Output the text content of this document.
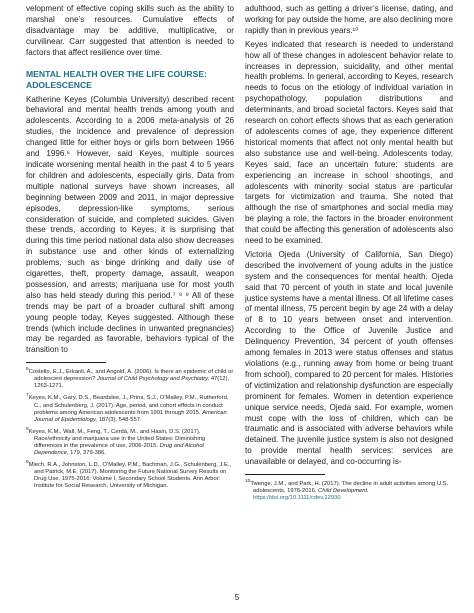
velopment of effective coping skills such as the ability to marshal one’s resources. Cumulative effects of disadvantage may be additive, multiplicative, or curvilinear. Carr suggested that attention is needed to factors that affect resilience over time.

MENTAL HEALTH OVER THE LIFE COURSE: ADOLESCENCE

Katherine Keyes (Columbia University) described recent behavioral and mental health trends among youth and adolescents. According to a 2006 meta-analysis of 26 studies, the incidence and prevalence of depression changed little for either boys or girls born between 1966 and 1996.⁶ However, said Keyes, multiple sources indicate worsening mental health in the past 4 to 5 years for children and adolescents, especially girls. Data from multiple national surveys have shown increases, all beginning between 2009 and 2011, in major depressive episodes, depression-like symptoms, serious consideration of suicide, and completed suicides. Given these trends, according to Keyes, it is surprising that during this time period national data also show decreases in substance use and other kinds of externalizing problems, such as binge drinking and daily use of cigarettes, theft, property damage, assault, weapon possession, and arrests; marijuana use for most youth also has held steady during this period.⁷ ⁸ ⁹ All of these trends may be part of a broader cultural shift among young people today, Keyes suggested. Although these trends (which include declines in unwanted pregnancies) may be regarded as favorable, behaviors typical of the transition to

$^6$Costello, E.J., Erkanli, A., and Angold, A. (2006). Is there an epidemic of child or adolescent depression? Journal of Child Psychology and Psychiatry, 47(12), 1263-1271.

$^7$Keyes, K.M., Gary, D.S., Beardslee, J., Prins, S.J., O’Malley, P.M., Rutherford, C., and Schulenberg, J. (2017). Age, period, and cohort effects in conduct problems among American adolescents from 1991 through 2015. American Journal of Epidemiology, 187(3), 548-557.

$^8$Keyes, K.M., Wall, M., Feng, T., Cerdá, M., and Hasin, D.S. (2017). Race/ethnicity and marijuana use in the United States: Diminishing differences in the prevalence of use, 2006-2015. Drug and Alcohol Dependence, 179, 379-386.

$^9$Miech, R.A., Johnston, L.D., O’Malley, P.M., Bachman, J.G., Schulenberg, J.E., and Patrick, M.E. (2017). Monitoring the Future National Survey Results on Drug Use, 1975-2016: Volume I, Secondary School Students. Ann Arbor: Institute for Social Research, University of Michigan.

adulthood, such as getting a driver’s license, dating, and working for pay outside the home, are also declining more rapidly than in previous years.¹⁰

Keyes indicated that research is needed to understand how all of these changes in adolescent behavior relate to increases in depression, suicidality, and other mental health problems. In general, according to Keyes, research needs to focus on the etiology of individual variation in psychopathology, population distributions and determinants, and broad societal factors. Keyes said that research on cohort effects shows that as each generation of adolescents comes of age, they experience different historical moments that affect not only mental health but also substance use and well-being. Adolescents today, Keyes said, face an uncertain future: students are experiencing an increase in school shootings, and adolescents with minority social status are particular targets for victimization and trauma. She noted that although the rise of smartphones and social media may be playing a role, the factors in the broader environment that could be affecting this generation of adolescents also need to be examined.

Victoria Ojeda (University of California, San Diego) described the involvement of young adults in the justice system and the consequences for mental health. Ojeda said that 70 percent of youth in state and local juvenile justice systems have a mental illness. Of all lifetime cases of mental illness, 75 percent begin by age 24 with a delay of 8 to 10 years between onset and intervention. According to the Office of Juvenile Justice and Delinquency Prevention, 34 percent of youth offenses among females in 2013 were status offenses and status violations (e.g., running away from home or being truant from school), compared to 20 percent for males. Histories of victimization and relationship dysfunction are especially prominent for females. Women in detention experience unique service needs, Ojeda said. For example, women must cope with the loss of children, which can be traumatic and is associated with adverse behaviors while detained. The juvenile justice system is also not designed to provide mental health services: services are unavailable or delayed, and co-occurring is-

$^{10}$Twenge, J.M., and Park, H. (2017). The decline in adult activities among U.S. adolescents, 1976-2016. Child Development. https://doi.org/10.1111/cdev.12930

5
